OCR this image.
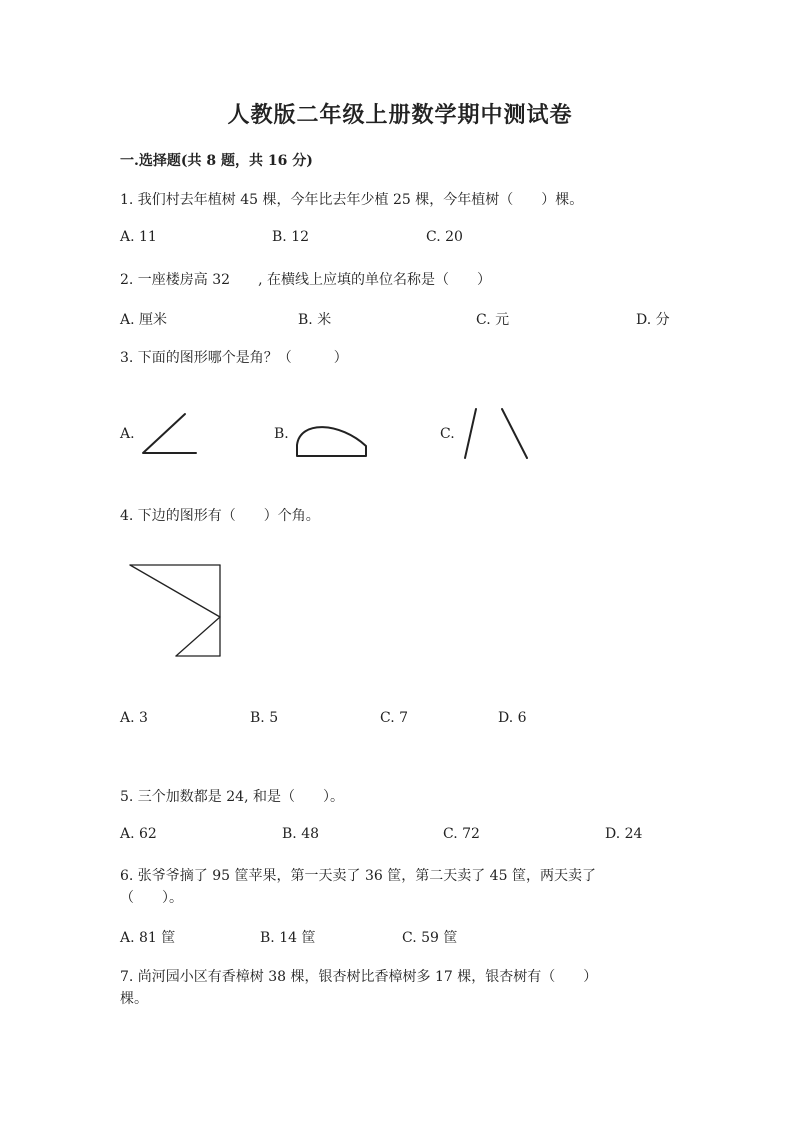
人教版二年级上册数学期中测试卷
一.选择题(共 8 题，共 16 分)
1. 我们村去年植树 45 棵，今年比去年少植 25 棵，今年植树（　　）棵。
A. 11	B. 12	C. 20
2. 一座楼房高 32　　, 在横线上应填的单位名称是（　　）
A. 厘米	B. 米	C. 元	D. 分
3. 下面的图形哪个是角？（　　　）
A.	B.	C.
4. 下边的图形有（　　）个角。
A. 3	B. 5	C. 7	D. 6
5. 三个加数都是 24, 和是（　　）。
A. 62	B. 48	C. 72	D. 24
6. 张爷爷摘了 95 筐苹果，第一天卖了 36 筐，第二天卖了 45 筐，两天卖了
（　　）。
A. 81 筐	B. 14 筐	C. 59 筐
7. 尚河园小区有香樟树 38 棵，银杏树比香樟树多 17 棵，银杏树有（　　）
棵。
